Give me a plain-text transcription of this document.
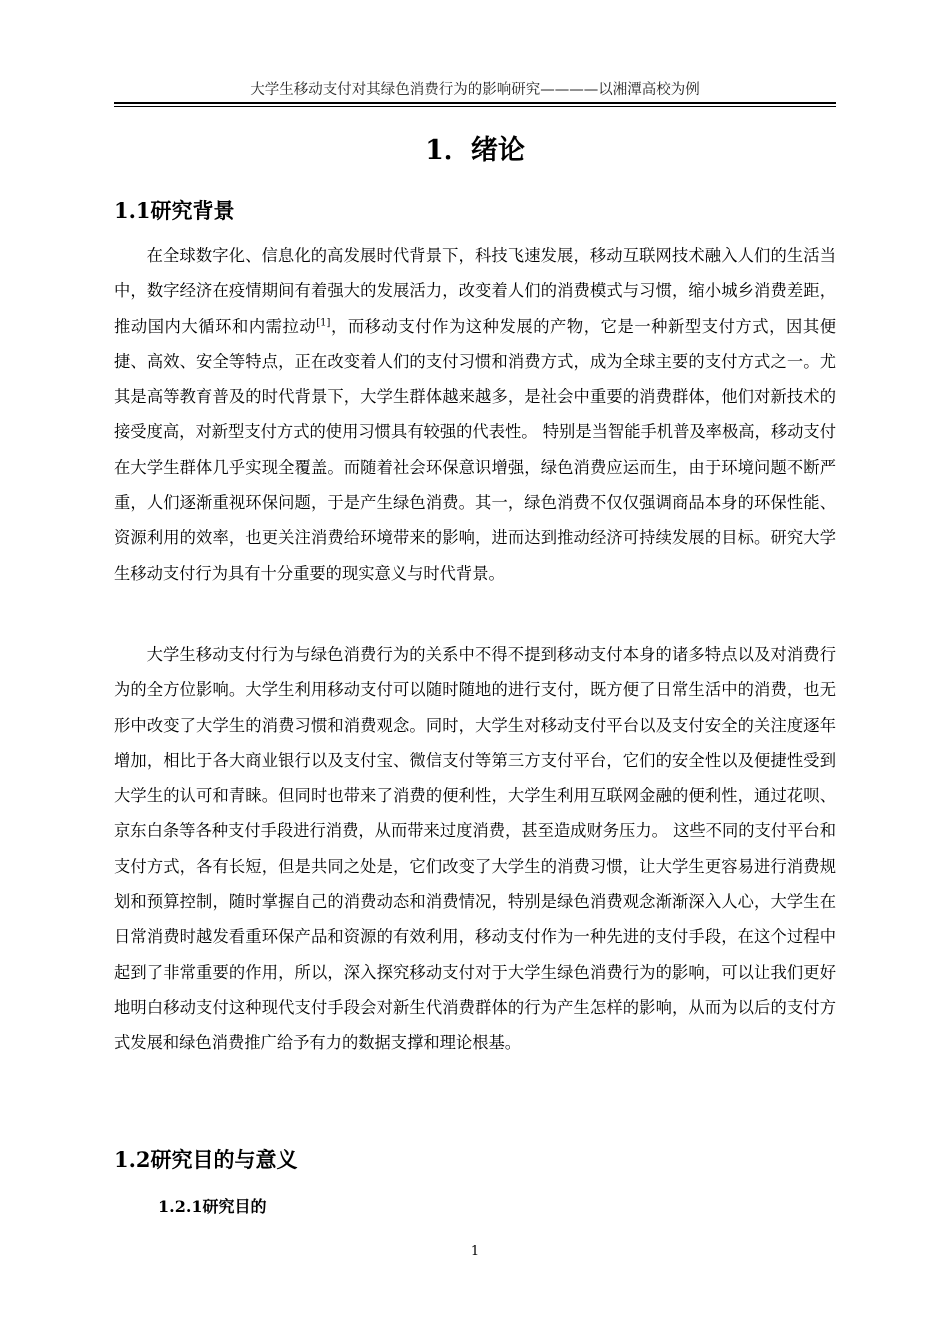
大学生移动支付对其绿色消费行为的影响研究————以湘潭高校为例
1．绪论
1.1研究背景

在全球数字化、信息化的高发展时代背景下，科技飞速发展，移动互联网技术融入人们的生活当中，数字经济在疫情期间有着强大的发展活力，改变着人们的消费模式与习惯，缩小城乡消费差距，推动国内大循环和内需拉动[1]，而移动支付作为这种发展的产物，它是一种新型支付方式，因其便捷、高效、安全等特点，正在改变着人们的支付习惯和消费方式，成为全球主要的支付方式之一。尤其是高等教育普及的时代背景下，大学生群体越来越多，是社会中重要的消费群体，他们对新技术的接受度高，对新型支付方式的使用习惯具有较强的代表性。 特别是当智能手机普及率极高，移动支付在大学生群体几乎实现全覆盖。而随着社会环保意识增强，绿色消费应运而生，由于环境问题不断严重，人们逐渐重视环保问题，于是产生绿色消费。其一，绿色消费不仅仅强调商品本身的环保性能、资源利用的效率，也更关注消费给环境带来的影响，进而达到推动经济可持续发展的目标。研究大学生移动支付行为具有十分重要的现实意义与时代背景。

大学生移动支付行为与绿色消费行为的关系中不得不提到移动支付本身的诸多特点以及对消费行为的全方位影响。大学生利用移动支付可以随时随地的进行支付，既方便了日常生活中的消费，也无形中改变了大学生的消费习惯和消费观念。同时，大学生对移动支付平台以及支付安全的关注度逐年增加，相比于各大商业银行以及支付宝、微信支付等第三方支付平台，它们的安全性以及便捷性受到大学生的认可和青睐。但同时也带来了消费的便利性，大学生利用互联网金融的便利性，通过花呗、京东白条等各种支付手段进行消费，从而带来过度消费，甚至造成财务压力。 这些不同的支付平台和支付方式，各有长短，但是共同之处是，它们改变了大学生的消费习惯，让大学生更容易进行消费规划和预算控制，随时掌握自己的消费动态和消费情况，特别是绿色消费观念渐渐深入人心，大学生在日常消费时越发看重环保产品和资源的有效利用，移动支付作为一种先进的支付手段，在这个过程中起到了非常重要的作用，所以，深入探究移动支付对于大学生绿色消费行为的影响，可以让我们更好地明白移动支付这种现代支付手段会对新生代消费群体的行为产生怎样的影响，从而为以后的支付方式发展和绿色消费推广给予有力的数据支撑和理论根基。

1.2研究目的与意义
1.2.1研究目的
1
